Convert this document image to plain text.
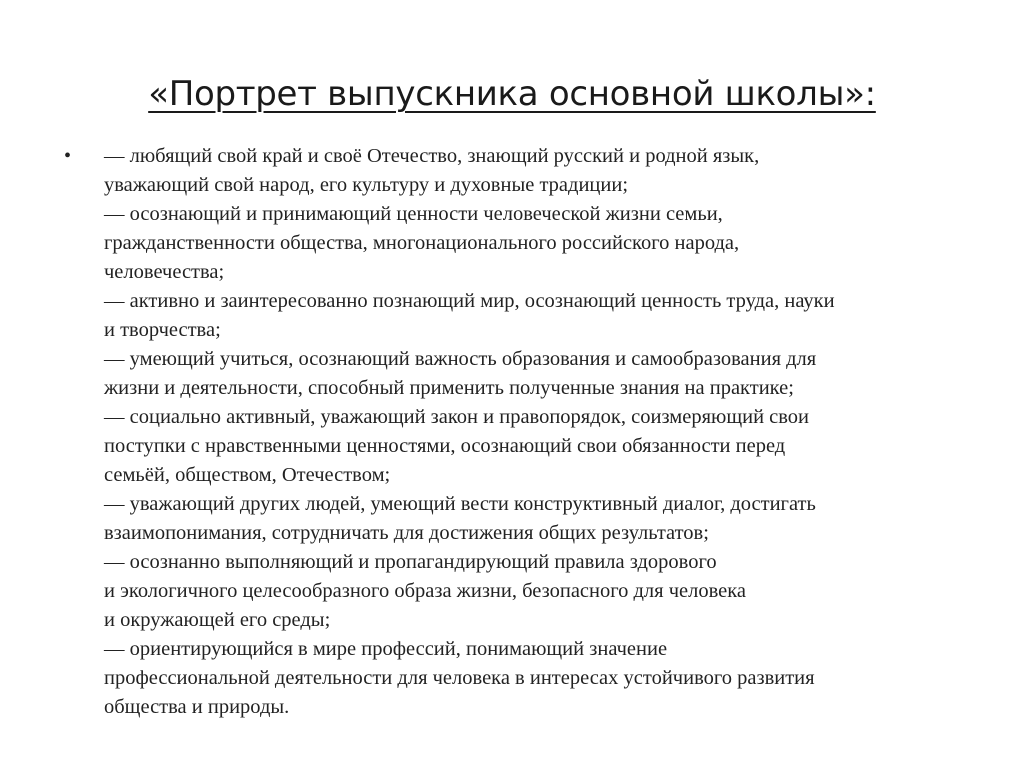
«Портрет выпускника основной школы»:
• — любящий свой край и своё Отечество, знающий русский и родной язык,
уважающий свой народ, его культуру и духовные традиции;
— осознающий и принимающий ценности человеческой жизни семьи,
гражданственности общества, многонационального российского народа,
человечества;
— активно и заинтересованно познающий мир, осознающий ценность труда, науки
и творчества;
— умеющий учиться, осознающий важность образования и самообразования для
жизни и деятельности, способный применить полученные знания на практике;
— социально активный, уважающий закон и правопорядок, соизмеряющий свои
поступки с нравственными ценностями, осознающий свои обязанности перед
семьёй, обществом, Отечеством;
— уважающий других людей, умеющий вести конструктивный диалог, достигать
взаимопонимания, сотрудничать для достижения общих результатов;
— осознанно выполняющий и пропагандирующий правила здорового
и экологичного целесообразного образа жизни, безопасного для человека
и окружающей его среды;
— ориентирующийся в мире профессий, понимающий значение
профессиональной деятельности для человека в интересах устойчивого развития
общества и природы.
